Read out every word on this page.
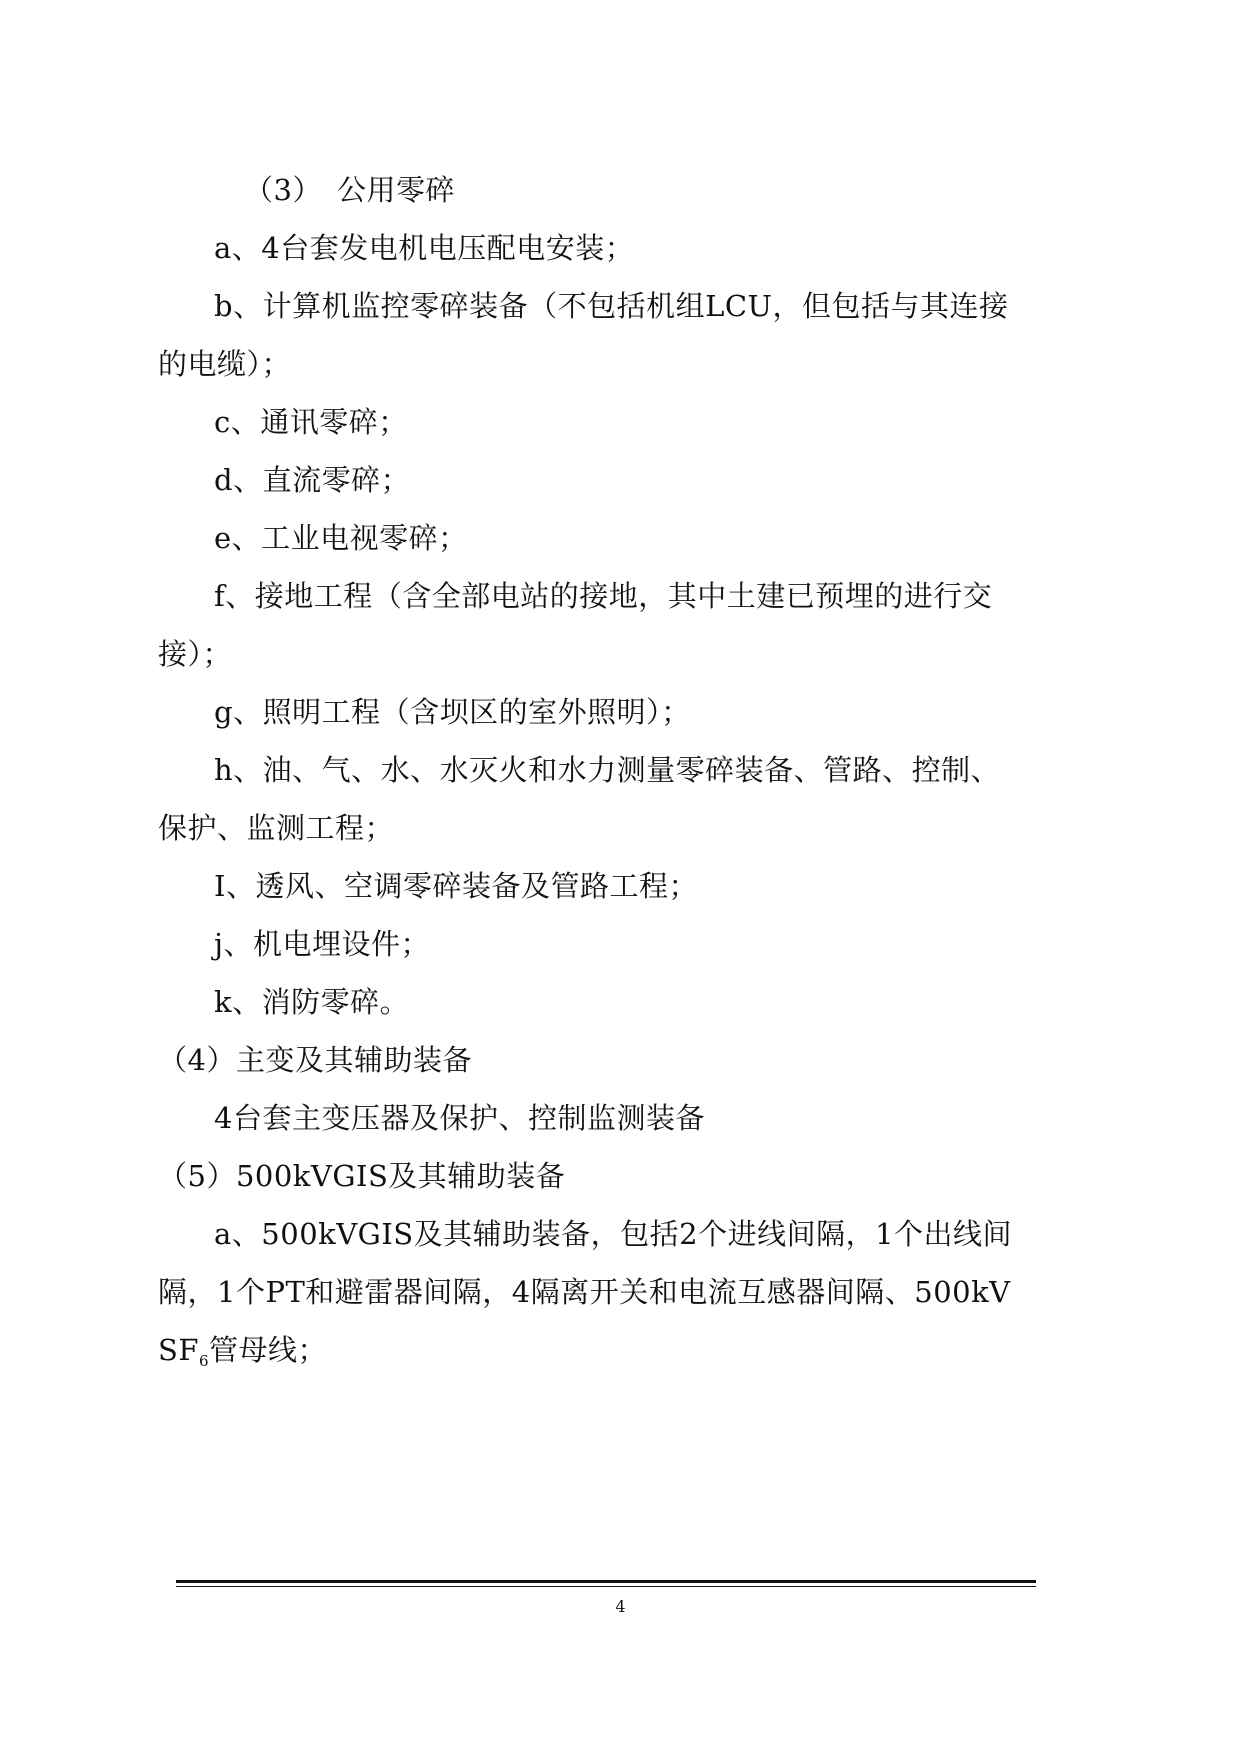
（3）　公用零碎
a、4台套发电机电压配电安装；
b、计算机监控零碎装备（不包括机组LCU，但包括与其连接
的电缆）；
c、通讯零碎；
d、直流零碎；
e、工业电视零碎；
f、接地工程（含全部电站的接地，其中土建已预埋的进行交
接）；
g、照明工程（含坝区的室外照明）；
h、油、气、水、水灭火和水力测量零碎装备、管路、控制、
保护、监测工程；
I、透风、空调零碎装备及管路工程；
j、机电埋设件；
k、消防零碎。
（4）主变及其辅助装备
4台套主变压器及保护、控制监测装备
（5）500kVGIS及其辅助装备
a、500kVGIS及其辅助装备，包括2个进线间隔，1个出线间
隔，1个PT和避雷器间隔，4隔离开关和电流互感器间隔、500kV
$SF_6$管母线；
4
